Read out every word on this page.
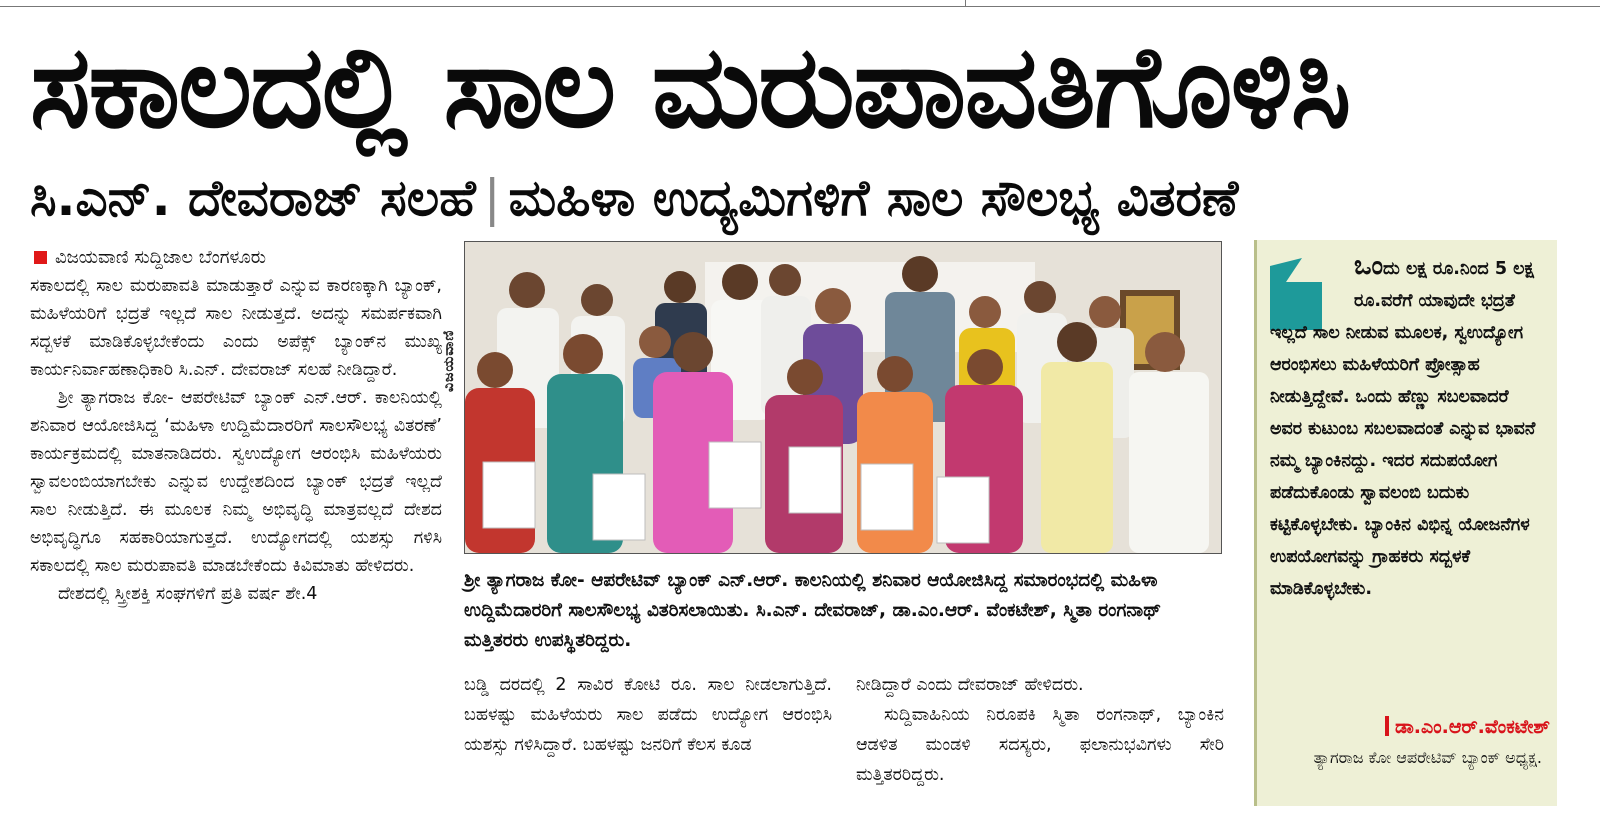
ಸಕಾಲದಲ್ಲಿ ಸಾಲ ಮರುಪಾವತಿಗೊಳಿಸಿ
ಸಿ.ಎನ್. ದೇವರಾಜ್ ಸಲಹೆ | ಮಹಿಳಾ ಉದ್ಯಮಿಗಳಿಗೆ ಸಾಲ ಸೌಲಭ್ಯ ವಿತರಣೆ
ವಿಜಯವಾಣಿ ಸುದ್ದಿಜಾಲ ಬೆಂಗಳೂರು

ಸಕಾಲದಲ್ಲಿ ಸಾಲ ಮರುಪಾವತಿ ಮಾಡುತ್ತಾರೆ ಎನ್ನುವ ಕಾರಣಕ್ಕಾಗಿ ಬ್ಯಾಂಕ್, ಮಹಿಳೆಯರಿಗೆ ಭದ್ರತೆ ಇಲ್ಲದೆ ಸಾಲ ನೀಡುತ್ತದೆ. ಅದನ್ನು ಸಮರ್ಪಕವಾಗಿ ಸದ್ಬಳಕೆ ಮಾಡಿಕೊಳ್ಳಬೇಕೆಂದು ಎಂದು ಅಪೆಕ್ಸ್ ಬ್ಯಾಂಕ್‌ನ ಮುಖ್ಯ ಕಾರ್ಯನಿರ್ವಾಹಣಾಧಿಕಾರಿ ಸಿ.ಎನ್. ದೇವರಾಜ್ ಸಲಹೆ ನೀಡಿದ್ದಾರೆ.

ಶ್ರೀ ತ್ಯಾಗರಾಜ ಕೋ- ಆಪರೇಟಿವ್ ಬ್ಯಾಂಕ್ ಎನ್.ಆರ್. ಕಾಲನಿಯಲ್ಲಿ ಶನಿವಾರ ಆಯೋಜಿಸಿದ್ದ ‘ಮಹಿಳಾ ಉದ್ದಿಮೆದಾರರಿಗೆ ಸಾಲಸೌಲಭ್ಯ ವಿತರಣೆ’ ಕಾರ್ಯಕ್ರಮದಲ್ಲಿ ಮಾತನಾಡಿದರು. ಸ್ವಉದ್ಯೋಗ ಆರಂಭಿಸಿ ಮಹಿಳೆಯರು ಸ್ವಾವಲಂಬಿಯಾಗಬೇಕು ಎನ್ನುವ ಉದ್ದೇಶದಿಂದ ಬ್ಯಾಂಕ್ ಭದ್ರತೆ ಇಲ್ಲದೆ ಸಾಲ ನೀಡುತ್ತಿದೆ. ಈ ಮೂಲಕ ನಿಮ್ಮ ಅಭಿವೃದ್ಧಿ ಮಾತ್ರವಲ್ಲದೆ ದೇಶದ ಅಭಿವೃದ್ಧಿಗೂ ಸಹಕಾರಿಯಾಗುತ್ತದೆ. ಉದ್ಯೋಗದಲ್ಲಿ ಯಶಸ್ಸು ಗಳಿಸಿ ಸಕಾಲದಲ್ಲಿ ಸಾಲ ಮರುಪಾವತಿ ಮಾಡಬೇಕೆಂದು ಕಿವಿಮಾತು ಹೇಳಿದರು.

ದೇಶದಲ್ಲಿ ಸ್ತ್ರೀಶಕ್ತಿ ಸಂಘಗಳಿಗೆ ಪ್ರತಿ ವರ್ಷ ಶೇ.4

ವಿಜಯವಾಣಿ
ಶ್ರೀ ತ್ಯಾಗರಾಜ ಕೋ- ಆಪರೇಟಿವ್ ಬ್ಯಾಂಕ್ ಎನ್.ಆರ್. ಕಾಲನಿಯಲ್ಲಿ ಶನಿವಾರ ಆಯೋಜಿಸಿದ್ದ ಸಮಾರಂಭದಲ್ಲಿ ಮಹಿಳಾ ಉದ್ದಿಮೆದಾರರಿಗೆ ಸಾಲಸೌಲಭ್ಯ ವಿತರಿಸಲಾಯಿತು. ಸಿ.ಎನ್. ದೇವರಾಜ್, ಡಾ.ಎಂ.ಆರ್. ವೆಂಕಟೇಶ್, ಸ್ಮಿತಾ ರಂಗನಾಥ್ ಮತ್ತಿತರರು ಉಪಸ್ಥಿತರಿದ್ದರು.

ಬಡ್ಡಿ ದರದಲ್ಲಿ 2 ಸಾವಿರ ಕೋಟಿ ರೂ. ಸಾಲ ನೀಡಲಾಗುತ್ತಿದೆ. ಬಹಳಷ್ಟು ಮಹಿಳೆಯರು ಸಾಲ ಪಡೆದು ಉದ್ಯೋಗ ಆರಂಭಿಸಿ ಯಶಸ್ಸು ಗಳಿಸಿದ್ದಾರೆ. ಬಹಳಷ್ಟು ಜನರಿಗೆ ಕೆಲಸ ಕೂಡ

ನೀಡಿದ್ದಾರೆ ಎಂದು ದೇವರಾಜ್ ಹೇಳಿದರು.

ಸುದ್ದಿವಾಹಿನಿಯ ನಿರೂಪಕಿ ಸ್ಮಿತಾ ರಂಗನಾಥ್, ಬ್ಯಾಂಕಿನ ಆಡಳಿತ ಮಂಡಳಿ ಸದಸ್ಯರು, ಫಲಾನುಭವಿಗಳು ಸೇರಿ ಮತ್ತಿತರರಿದ್ದರು.

ಒಂದು ಲಕ್ಷ ರೂ.ನಿಂದ 5 ಲಕ್ಷ ರೂ.ವರೆಗೆ ಯಾವುದೇ ಭದ್ರತೆ
ಇಲ್ಲದೆ ಸಾಲ ನೀಡುವ ಮೂಲಕ, ಸ್ವಉದ್ಯೋಗ ಆರಂಭಿಸಲು ಮಹಿಳೆಯರಿಗೆ ಪ್ರೋತ್ಸಾಹ ನೀಡುತ್ತಿದ್ದೇವೆ. ಒಂದು ಹೆಣ್ಣು ಸಬಲವಾದರೆ ಅವರ ಕುಟುಂಬ ಸಬಲವಾದಂತೆ ಎನ್ನುವ ಭಾವನೆ ನಮ್ಮ ಬ್ಯಾಂಕಿನದ್ದು. ಇದರ ಸದುಪಯೋಗ ಪಡೆದುಕೊಂಡು ಸ್ವಾವಲಂಬಿ ಬದುಕು ಕಟ್ಟಿಕೊಳ್ಳಬೇಕು. ಬ್ಯಾಂಕಿನ ವಿಭಿನ್ನ ಯೋಜನೆಗಳ ಉಪಯೋಗವನ್ನು ಗ್ರಾಹಕರು ಸದ್ಬಳಕೆ ಮಾಡಿಕೊಳ್ಳಬೇಕು.
ಡಾ.ಎಂ.ಆರ್.ವೆಂಕಟೇಶ್
ತ್ಯಾಗರಾಜ ಕೋ ಆಪರೇಟಿವ್ ಬ್ಯಾಂಕ್ ಅಧ್ಯಕ್ಷ.
